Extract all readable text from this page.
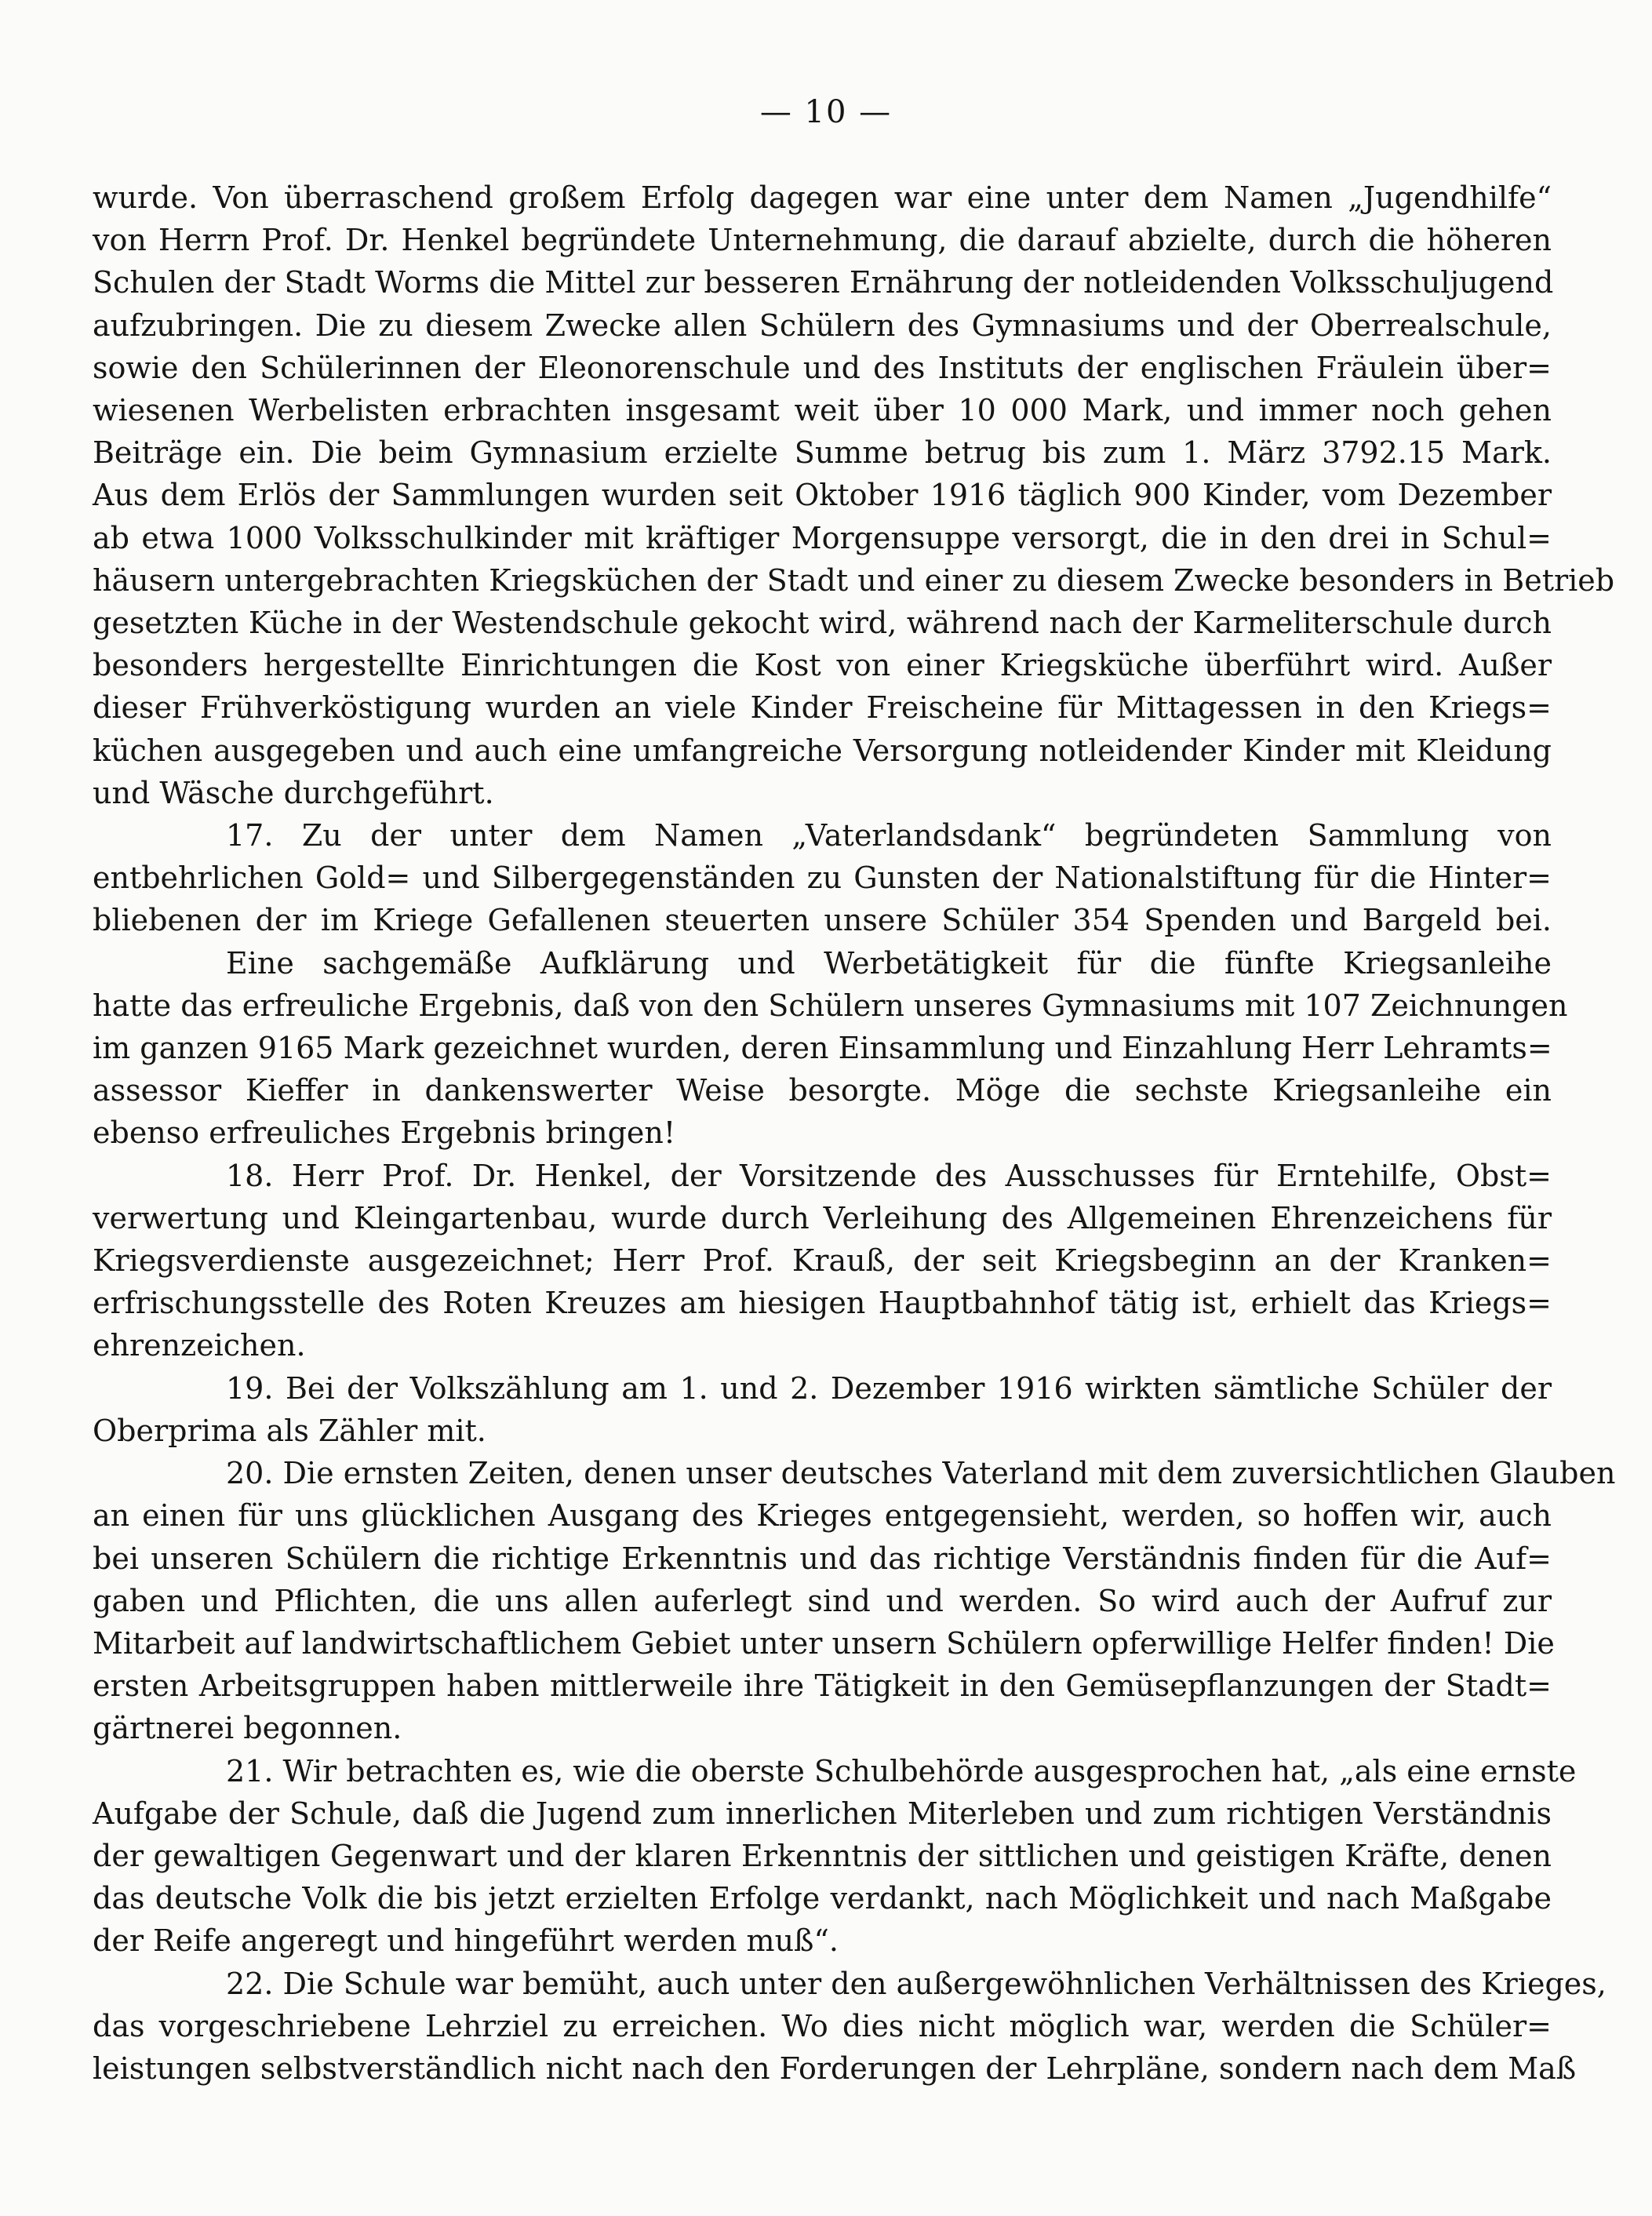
— 10 —
wurde. Von überraschend großem Erfolg dagegen war eine unter dem Namen „Jugendhilfe“
von Herrn Prof. Dr. Henkel begründete Unternehmung, die darauf abzielte, durch die höheren
Schulen der Stadt Worms die Mittel zur besseren Ernährung der notleidenden Volksschuljugend
aufzubringen. Die zu diesem Zwecke allen Schülern des Gymnasiums und der Oberrealschule,
sowie den Schülerinnen der Eleonorenschule und des Instituts der englischen Fräulein über=
wiesenen Werbelisten erbrachten insgesamt weit über 10 000 Mark, und immer noch gehen
Beiträge ein. Die beim Gymnasium erzielte Summe betrug bis zum 1. März 3792.15 Mark.
Aus dem Erlös der Sammlungen wurden seit Oktober 1916 täglich 900 Kinder, vom Dezember
ab etwa 1000 Volksschulkinder mit kräftiger Morgensuppe versorgt, die in den drei in Schul=
häusern untergebrachten Kriegsküchen der Stadt und einer zu diesem Zwecke besonders in Betrieb
gesetzten Küche in der Westendschule gekocht wird, während nach der Karmeliterschule durch
besonders hergestellte Einrichtungen die Kost von einer Kriegsküche überführt wird. Außer
dieser Frühverköstigung wurden an viele Kinder Freischeine für Mittagessen in den Kriegs=
küchen ausgegeben und auch eine umfangreiche Versorgung notleidender Kinder mit Kleidung
und Wäsche durchgeführt.
17. Zu der unter dem Namen „Vaterlandsdank“ begründeten Sammlung von
entbehrlichen Gold= und Silbergegenständen zu Gunsten der Nationalstiftung für die Hinter=
bliebenen der im Kriege Gefallenen steuerten unsere Schüler 354 Spenden und Bargeld bei.
Eine sachgemäße Aufklärung und Werbetätigkeit für die fünfte Kriegsanleihe
hatte das erfreuliche Ergebnis, daß von den Schülern unseres Gymnasiums mit 107 Zeichnungen
im ganzen 9165 Mark gezeichnet wurden, deren Einsammlung und Einzahlung Herr Lehramts=
assessor Kieffer in dankenswerter Weise besorgte. Möge die sechste Kriegsanleihe ein
ebenso erfreuliches Ergebnis bringen!
18. Herr Prof. Dr. Henkel, der Vorsitzende des Ausschusses für Erntehilfe, Obst=
verwertung und Kleingartenbau, wurde durch Verleihung des Allgemeinen Ehrenzeichens für
Kriegsverdienste ausgezeichnet; Herr Prof. Krauß, der seit Kriegsbeginn an der Kranken=
erfrischungsstelle des Roten Kreuzes am hiesigen Hauptbahnhof tätig ist, erhielt das Kriegs=
ehrenzeichen.
19. Bei der Volkszählung am 1. und 2. Dezember 1916 wirkten sämtliche Schüler der
Oberprima als Zähler mit.
20. Die ernsten Zeiten, denen unser deutsches Vaterland mit dem zuversichtlichen Glauben
an einen für uns glücklichen Ausgang des Krieges entgegensieht, werden, so hoffen wir, auch
bei unseren Schülern die richtige Erkenntnis und das richtige Verständnis finden für die Auf=
gaben und Pflichten, die uns allen auferlegt sind und werden. So wird auch der Aufruf zur
Mitarbeit auf landwirtschaftlichem Gebiet unter unsern Schülern opferwillige Helfer finden! Die
ersten Arbeitsgruppen haben mittlerweile ihre Tätigkeit in den Gemüsepflanzungen der Stadt=
gärtnerei begonnen.
21. Wir betrachten es, wie die oberste Schulbehörde ausgesprochen hat, „als eine ernste
Aufgabe der Schule, daß die Jugend zum innerlichen Miterleben und zum richtigen Verständnis
der gewaltigen Gegenwart und der klaren Erkenntnis der sittlichen und geistigen Kräfte, denen
das deutsche Volk die bis jetzt erzielten Erfolge verdankt, nach Möglichkeit und nach Maßgabe
der Reife angeregt und hingeführt werden muß“.
22. Die Schule war bemüht, auch unter den außergewöhnlichen Verhältnissen des Krieges,
das vorgeschriebene Lehrziel zu erreichen. Wo dies nicht möglich war, werden die Schüler=
leistungen selbstverständlich nicht nach den Forderungen der Lehrpläne, sondern nach dem Maß
